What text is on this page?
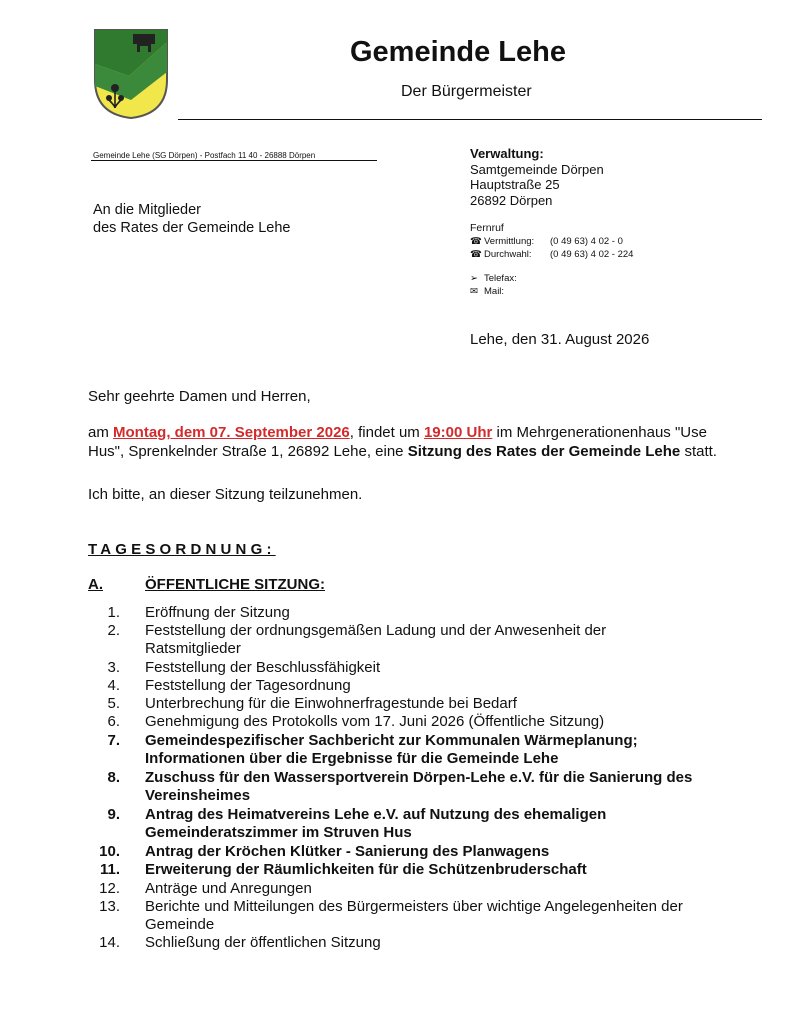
Gemeinde Lehe
Der Bürgermeister
Gemeinde Lehe (SG Dörpen) - Postfach 11 40 - 26888 Dörpen
An die Mitglieder
des Rates der Gemeinde Lehe
Verwaltung:
Samtgemeinde Dörpen
Hauptstraße 25
26892 Dörpen
Fernruf
☎ Vermittlung: (0 49 63) 4 02 - 0
☎ Durchwahl: (0 49 63) 4 02 - 224
➢ Telefax:
✉ Mail:
Lehe, den 31. August 2026
Sehr geehrte Damen und Herren,
am Montag, dem 07. September 2026, findet um 19:00 Uhr im Mehrgenerationenhaus "Use Hus", Sprenkelnder Straße 1, 26892 Lehe, eine Sitzung des Rates der Gemeinde Lehe statt.
Ich bitte, an dieser Sitzung teilzunehmen.
TAGESORDNUNG:
A.	ÖFFENTLICHE SITZUNG:
1. Eröffnung der Sitzung
2. Feststellung der ordnungsgemäßen Ladung und der Anwesenheit der Ratsmitglieder
3. Feststellung der Beschlussfähigkeit
4. Feststellung der Tagesordnung
5. Unterbrechung für die Einwohnerfragestunde bei Bedarf
6. Genehmigung des Protokolls vom 17. Juni 2026 (Öffentliche Sitzung)
7. Gemeindespezifischer Sachbericht zur Kommunalen Wärmeplanung; Informationen über die Ergebnisse für die Gemeinde Lehe
8. Zuschuss für den Wassersportverein Dörpen-Lehe e.V. für die Sanierung des Vereinsheimes
9. Antrag des Heimatvereins Lehe e.V. auf Nutzung des ehemaligen Gemeinderatszimmer im Struven Hus
10. Antrag der Kröchen Klütker - Sanierung des Planwagens
11. Erweiterung der Räumlichkeiten für die Schützenbruderschaft
12. Anträge und Anregungen
13. Berichte und Mitteilungen des Bürgermeisters über wichtige Angelegenheiten der Gemeinde
14. Schließung der öffentlichen Sitzung
